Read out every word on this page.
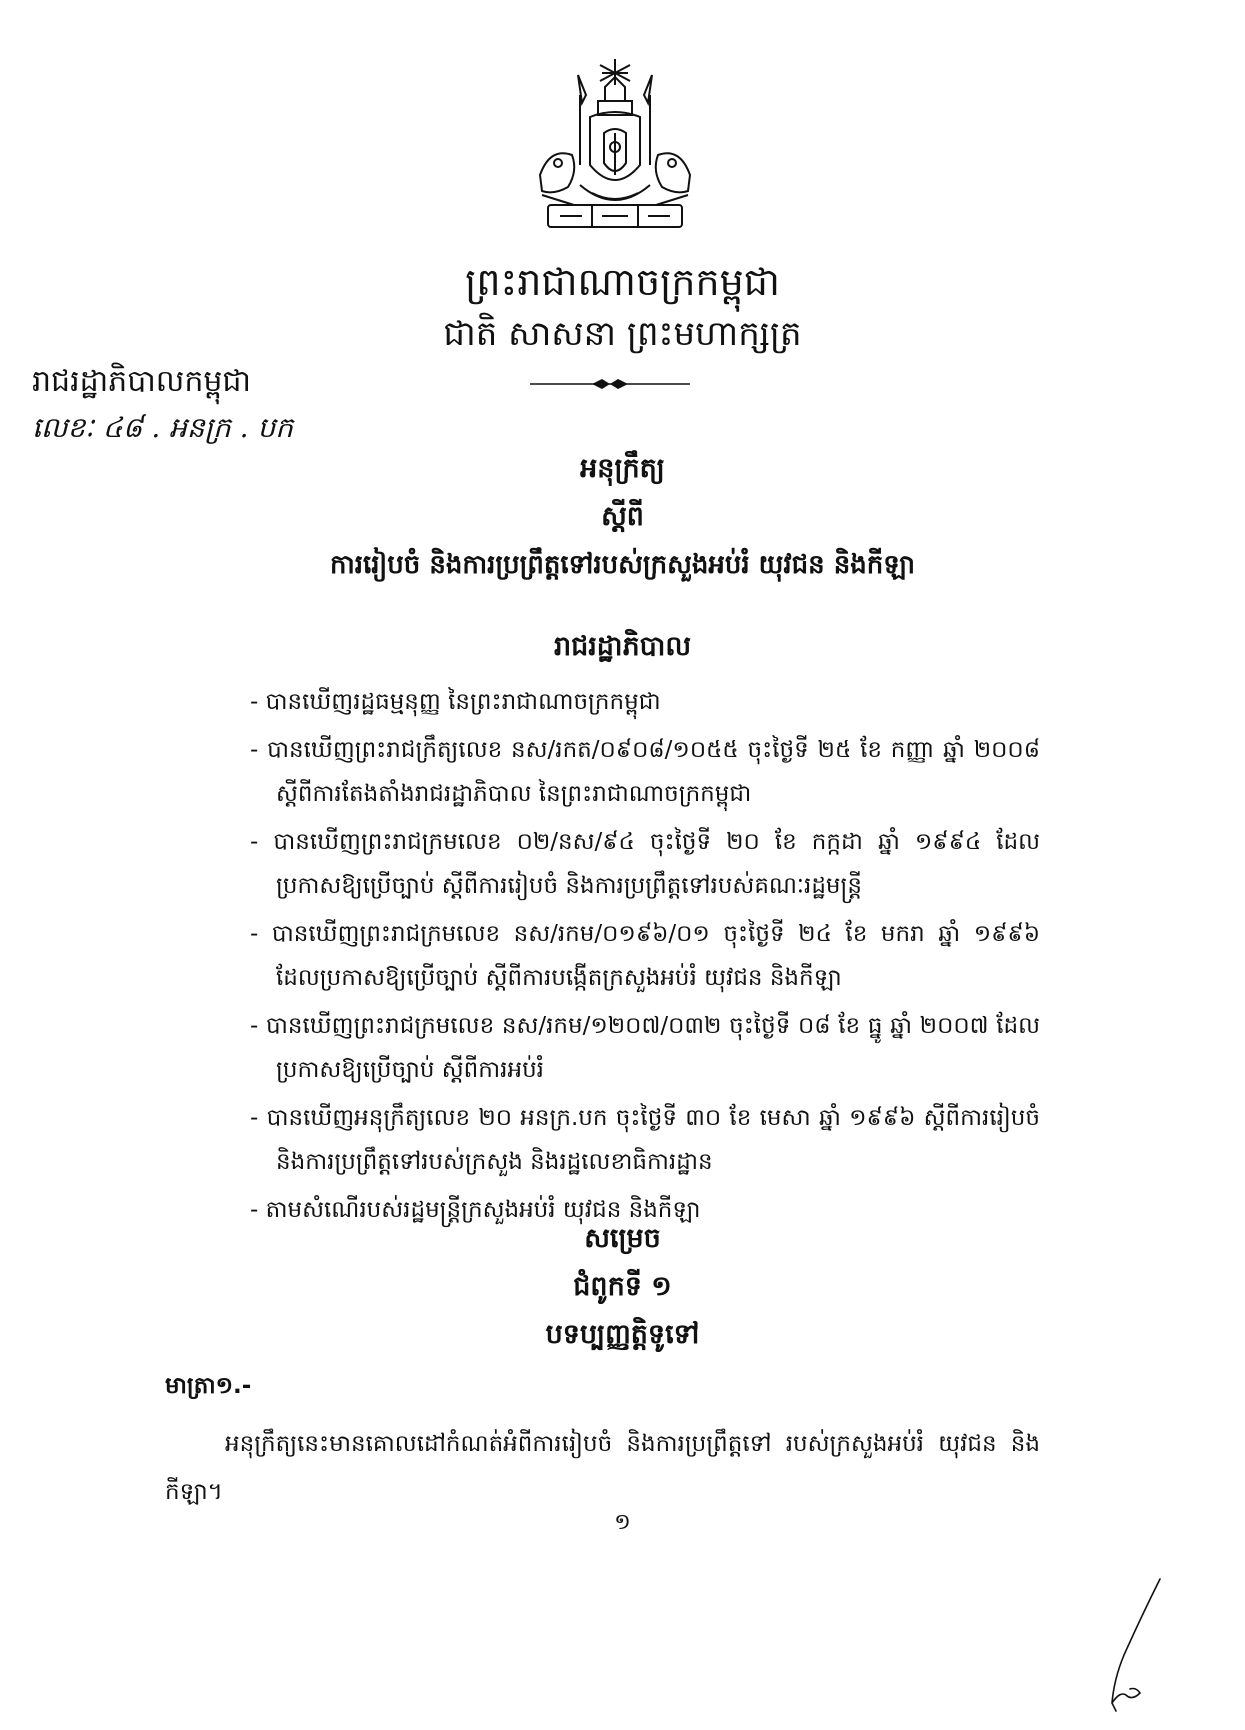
ព្រះរាជាណាចក្រកម្ពុជា
ជាតិ សាសនា ព្រះមហាក្សត្រ
រាជរដ្ឋាភិបាលកម្ពុជា
លេខៈ ៤៨ . អនក្រ . បក
អនុក្រឹត្យ
ស្តីពី
ការរៀបចំ និងការប្រព្រឹត្តទៅរបស់ក្រសួងអប់រំ យុវជន និងកីឡា
រាជរដ្ឋាភិបាល
- បានឃើញរដ្ឋធម្មនុញ្ញ នៃព្រះរាជាណាចក្រកម្ពុជា
- បានឃើញព្រះរាជក្រឹត្យលេខ នស/រកត/០៩០៨/១០៥៥ ចុះថ្ងៃទី ២៥ ខែ កញ្ញា ឆ្នាំ ២០០៨ ស្តីពីការតែងតាំងរាជរដ្ឋាភិបាល នៃព្រះរាជាណាចក្រកម្ពុជា
- បានឃើញព្រះរាជក្រមលេខ ០២/នស/៩៤ ចុះថ្ងៃទី ២០ ខែ កក្កដា ឆ្នាំ ១៩៩៤ ដែលប្រកាសឱ្យប្រើច្បាប់ ស្តីពីការរៀបចំ និងការប្រព្រឹត្តទៅរបស់គណៈរដ្ឋមន្ត្រី
- បានឃើញព្រះរាជក្រមលេខ នស/រកម/០១៩៦/០១ ចុះថ្ងៃទី ២៤ ខែ មករា ឆ្នាំ ១៩៩៦ ដែលប្រកាសឱ្យប្រើច្បាប់ ស្តីពីការបង្កើតក្រសួងអប់រំ យុវជន និងកីឡា
- បានឃើញព្រះរាជក្រមលេខ នស/រកម/១២០៧/០៣២ ចុះថ្ងៃទី ០៨ ខែ ធ្នូ ឆ្នាំ ២០០៧ ដែលប្រកាសឱ្យប្រើច្បាប់ ស្តីពីការអប់រំ
- បានឃើញអនុក្រឹត្យលេខ ២០ អនក្រ.បក ចុះថ្ងៃទី ៣០ ខែ មេសា ឆ្នាំ ១៩៩៦ ស្តីពីការរៀបចំ និងការប្រព្រឹត្តទៅរបស់ក្រសួង និងរដ្ឋលេខាធិការដ្ឋាន
- តាមសំណើរបស់រដ្ឋមន្ត្រីក្រសួងអប់រំ យុវជន និងកីឡា
សម្រេច
ជំពូកទី ១
បទប្បញ្ញត្តិទូទៅ
មាត្រា១.-

អនុក្រឹត្យនេះមានគោលដៅកំណត់អំពីការរៀបចំ និងការប្រព្រឹត្តទៅ របស់ក្រសួងអប់រំ យុវជន និងកីឡា។

១
